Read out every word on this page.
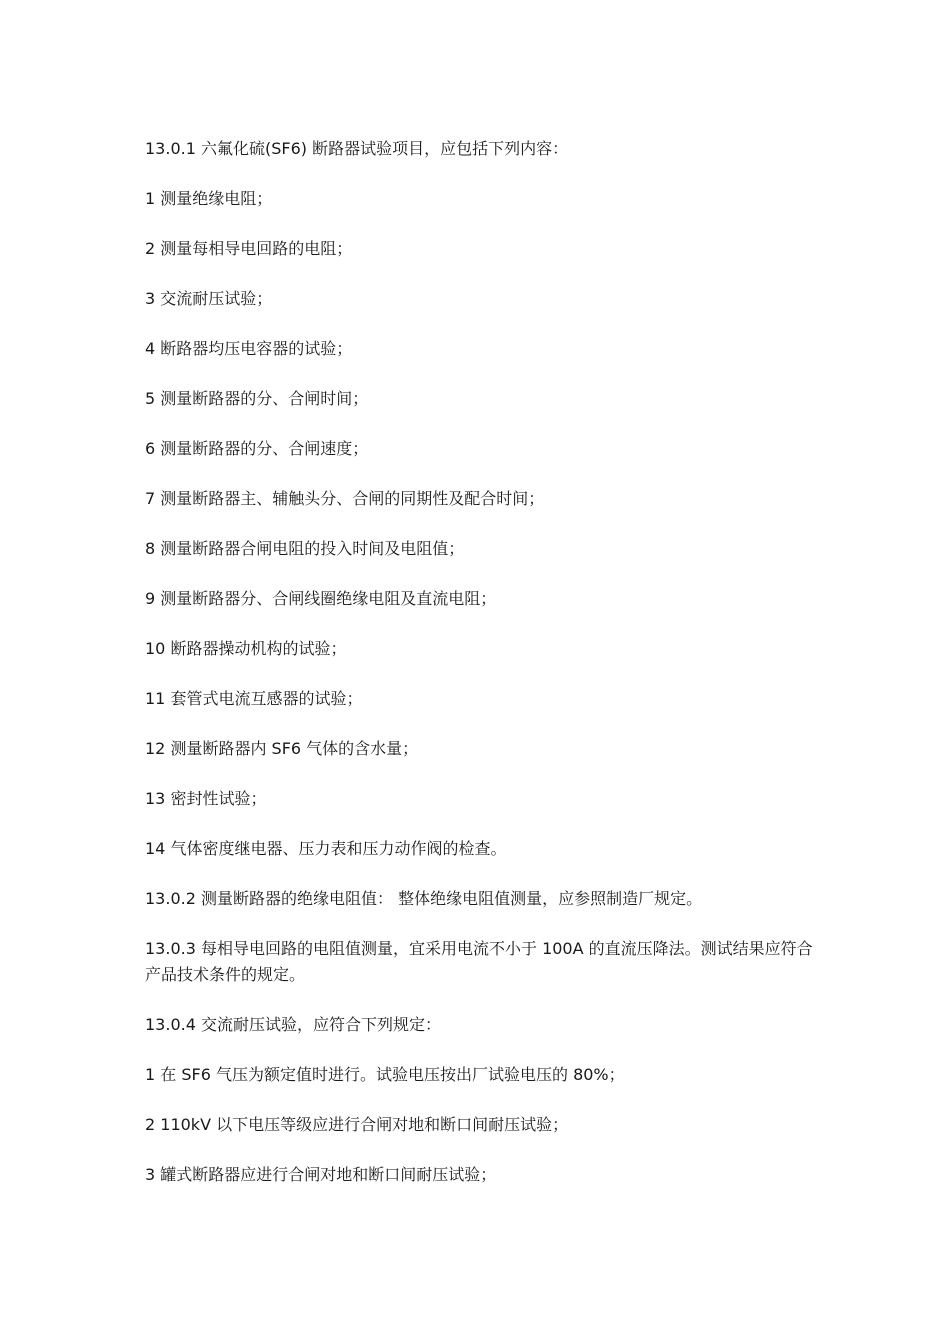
13.0.1 六氟化硫(SF6) 断路器试验项目，应包括下列内容：

1 测量绝缘电阻；

2 测量每相导电回路的电阻；

3 交流耐压试验；

4 断路器均压电容器的试验；

5 测量断路器的分、合闸时间；

6 测量断路器的分、合闸速度；

7 测量断路器主、辅触头分、合闸的同期性及配合时间；

8 测量断路器合闸电阻的投入时间及电阻值；

9 测量断路器分、合闸线圈绝缘电阻及直流电阻；

10 断路器操动机构的试验；

11 套管式电流互感器的试验；

12 测量断路器内 SF6 气体的含水量；

13 密封性试验；

14 气体密度继电器、压力表和压力动作阀的检查。

13.0.2 测量断路器的绝缘电阻值： 整体绝缘电阻值测量，应参照制造厂规定。

13.0.3 每相导电回路的电阻值测量，宜采用电流不小于 100A 的直流压降法。测试结果应符合产品技术条件的规定。

13.0.4 交流耐压试验，应符合下列规定：

1 在 SF6 气压为额定值时进行。试验电压按出厂试验电压的 80%；

2 110kV 以下电压等级应进行合闸对地和断口间耐压试验；

3 罐式断路器应进行合闸对地和断口间耐压试验；
